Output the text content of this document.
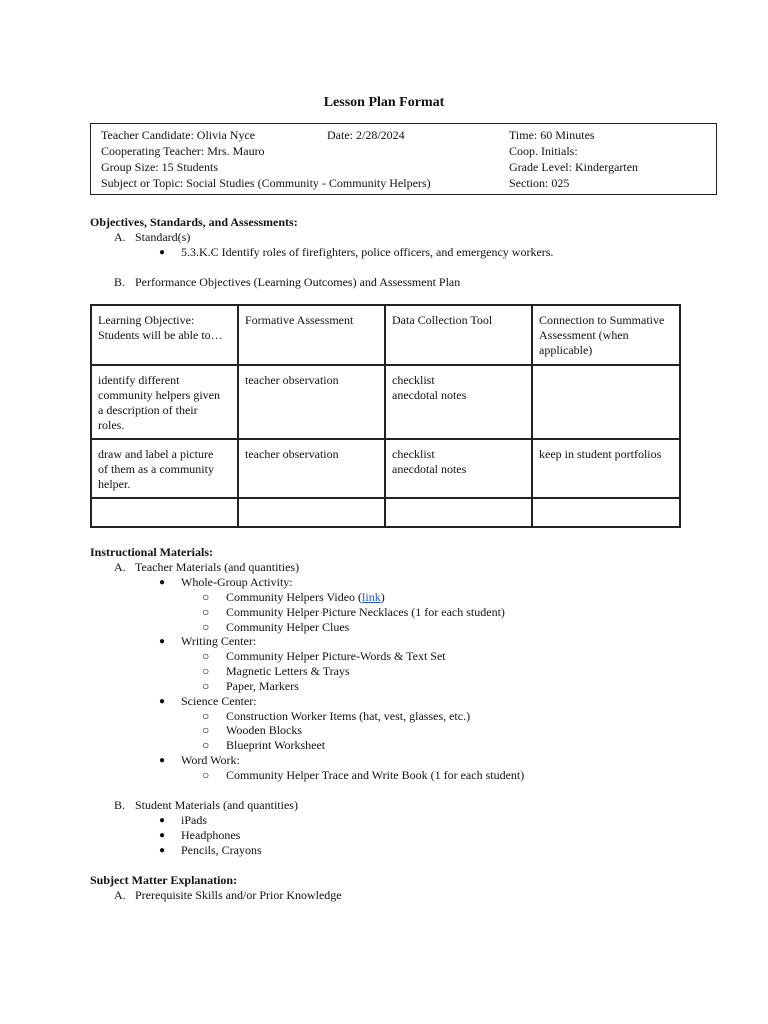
Lesson Plan Format
Teacher Candidate: Olivia Nyce	Date: 2/28/2024	Time: 60 Minutes
Cooperating Teacher: Mrs. Mauro	Coop. Initials:
Group Size: 15 Students	Grade Level: Kindergarten
Subject or Topic: Social Studies (Community - Community Helpers)	Section: 025
Objectives, Standards, and Assessments:
A. Standard(s)
● 5.3.K.C Identify roles of firefighters, police officers, and emergency workers.
B. Performance Objectives (Learning Outcomes) and Assessment Plan
Learning Objective:
Students will be able to…	Formative Assessment	Data Collection Tool	Connection to Summative
Assessment (when
applicable)

identify different
community helpers given
a description of their
roles.	teacher observation	checklist
anecdotal notes	

draw and label a picture
of them as a community
helper.	teacher observation	checklist
anecdotal notes	keep in student portfolios

Instructional Materials:
A. Teacher Materials (and quantities)
● Whole-Group Activity:
○ Community Helpers Video (link)
○ Community Helper Picture Necklaces (1 for each student)
○ Community Helper Clues
● Writing Center:
○ Community Helper Picture-Words & Text Set
○ Magnetic Letters & Trays
○ Paper, Markers
● Science Center:
○ Construction Worker Items (hat, vest, glasses, etc.)
○ Wooden Blocks
○ Blueprint Worksheet
● Word Work:
○ Community Helper Trace and Write Book (1 for each student)
B. Student Materials (and quantities)
● iPads
● Headphones
● Pencils, Crayons
Subject Matter Explanation:
A. Prerequisite Skills and/or Prior Knowledge
